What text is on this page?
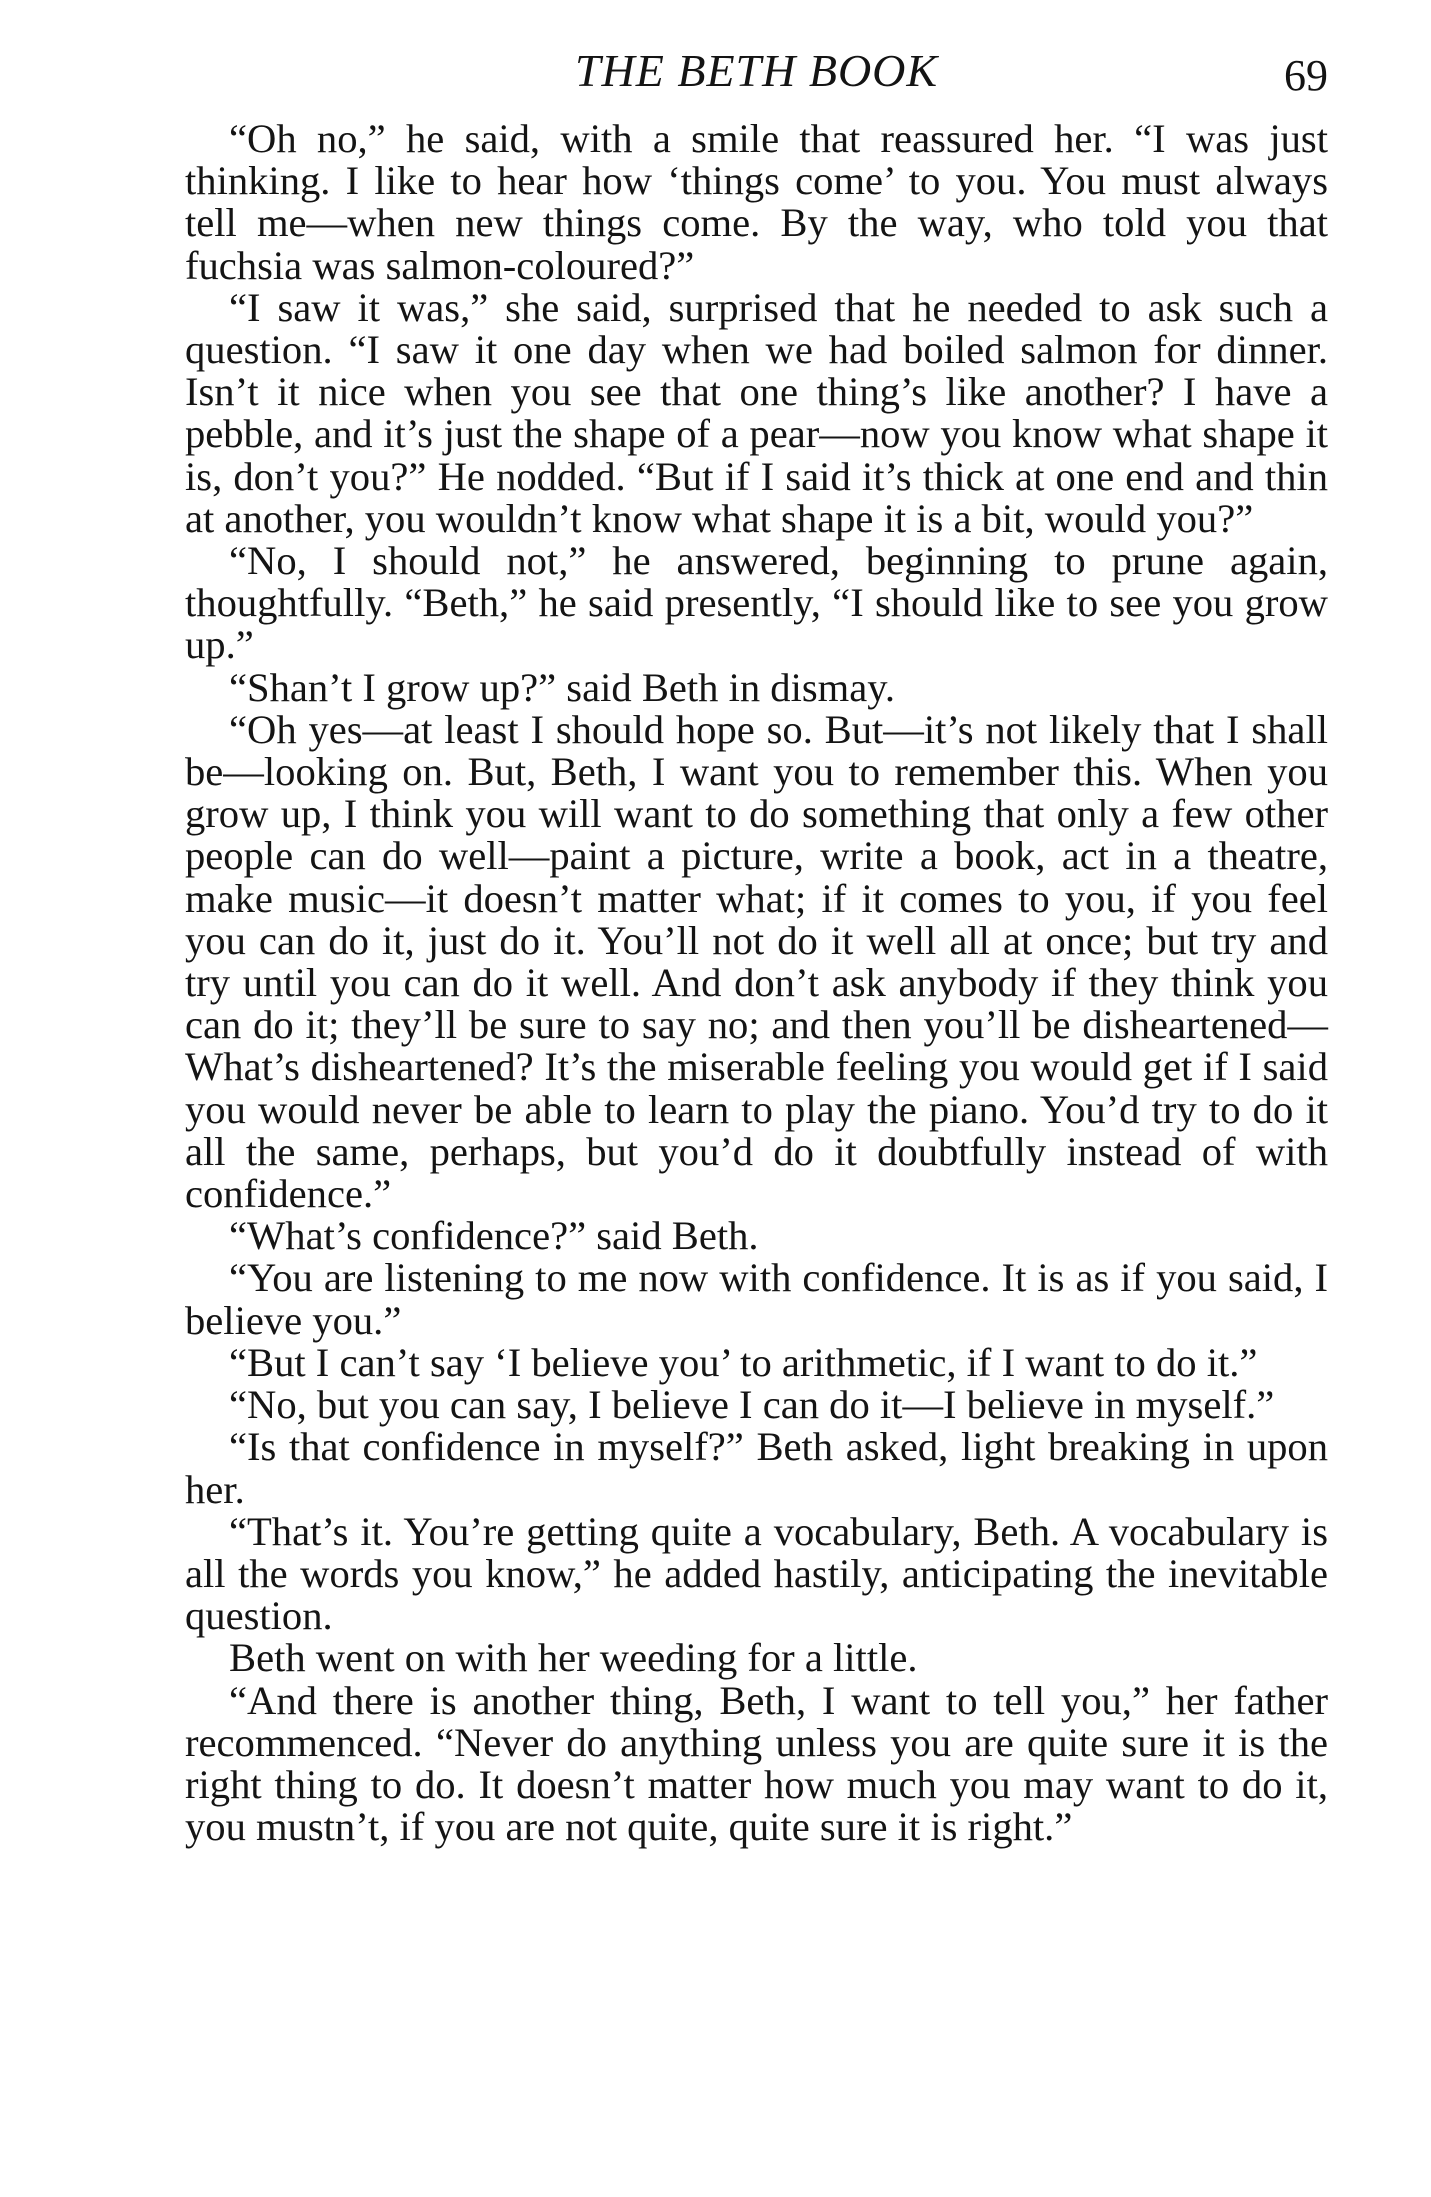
THE BETH BOOK	69

“Oh no,” he said, with a smile that reassured her. “I was just thinking. I like to hear how ‘things come’ to you. You must always tell me—when new things come. By the way, who told you that fuchsia was salmon-coloured?”

“I saw it was,” she said, surprised that he needed to ask such a question. “I saw it one day when we had boiled salmon for dinner. Isn’t it nice when you see that one thing’s like another? I have a pebble, and it’s just the shape of a pear—now you know what shape it is, don’t you?” He nodded. “But if I said it’s thick at one end and thin at another, you wouldn’t know what shape it is a bit, would you?”

“No, I should not,” he answered, beginning to prune again, thoughtfully. “Beth,” he said presently, “I should like to see you grow up.”

“Shan’t I grow up?” said Beth in dismay.

“Oh yes—at least I should hope so. But—it’s not likely that I shall be—looking on. But, Beth, I want you to remember this. When you grow up, I think you will want to do something that only a few other people can do well—paint a picture, write a book, act in a theatre, make music—it doesn’t matter what; if it comes to you, if you feel you can do it, just do it. You’ll not do it well all at once; but try and try until you can do it well. And don’t ask anybody if they think you can do it; they’ll be sure to say no; and then you’ll be disheartened—What’s disheartened? It’s the miserable feeling you would get if I said you would never be able to learn to play the piano. You’d try to do it all the same, perhaps, but you’d do it doubtfully instead of with confidence.”

“What’s confidence?” said Beth.

“You are listening to me now with confidence. It is as if you said, I believe you.”

“But I can’t say ‘I believe you’ to arithmetic, if I want to do it.”

“No, but you can say, I believe I can do it—I believe in myself.”

“Is that confidence in myself?” Beth asked, light breaking in upon her.

“That’s it. You’re getting quite a vocabulary, Beth. A vocabulary is all the words you know,” he added hastily, anticipating the inevitable question.

Beth went on with her weeding for a little.

“And there is another thing, Beth, I want to tell you,” her father recommenced. “Never do anything unless you are quite sure it is the right thing to do. It doesn’t matter how much you may want to do it, you mustn’t, if you are not quite, quite sure it is right.”
